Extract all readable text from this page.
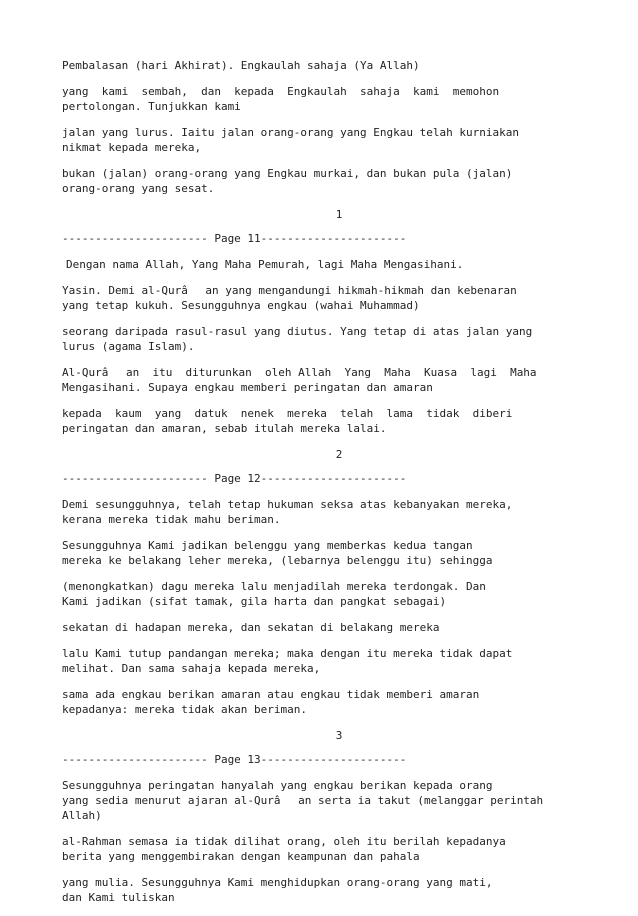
Pembalasan (hari Akhirat). Engkaulah sahaja (Ya Allah)
yang  kami  sembah,  dan  kepada  Engkaulah  sahaja  kami  memohon
pertolongan. Tunjukkan kami
jalan yang lurus. Iaitu jalan orang-orang yang Engkau telah kurniakan
nikmat kepada mereka,
bukan (jalan) orang-orang yang Engkau murkai, dan bukan pula (jalan)
orang-orang yang sesat.
1
---------------------- Page 11----------------------
Dengan nama Allah, Yang Maha Pemurah, lagi Maha Mengasihani.
Yasin. Demi al-Qurâan yang mengandungi hikmah-hikmah dan kebenaran
yang tetap kukuh. Sesungguhnya engkau (wahai Muhammad)
seorang daripada rasul-rasul yang diutus. Yang tetap di atas jalan yang
lurus (agama Islam).
Al-Qurâan  itu  diturunkan  oleh Allah  Yang  Maha  Kuasa  lagi  Maha
Mengasihani. Supaya engkau memberi peringatan dan amaran
kepada  kaum  yang  datuk  nenek  mereka  telah  lama  tidak  diberi
peringatan dan amaran, sebab itulah mereka lalai.
2
---------------------- Page 12----------------------
Demi sesungguhnya, telah tetap hukuman seksa atas kebanyakan mereka,
kerana mereka tidak mahu beriman.
Sesungguhnya Kami jadikan belenggu yang memberkas kedua tangan
mereka ke belakang leher mereka, (lebarnya belenggu itu) sehingga
(menongkatkan) dagu mereka lalu menjadilah mereka terdongak. Dan
Kami jadikan (sifat tamak, gila harta dan pangkat sebagai)
sekatan di hadapan mereka, dan sekatan di belakang mereka
lalu Kami tutup pandangan mereka; maka dengan itu mereka tidak dapat
melihat. Dan sama sahaja kepada mereka,
sama ada engkau berikan amaran atau engkau tidak memberi amaran
kepadanya: mereka tidak akan beriman.
3
---------------------- Page 13----------------------
Sesungguhnya peringatan hanyalah yang engkau berikan kepada orang
yang sedia menurut ajaran al-Qurâan serta ia takut (melanggar perintah
Allah)
al-Rahman semasa ia tidak dilihat orang, oleh itu berilah kepadanya
berita yang menggembirakan dengan keampunan dan pahala
yang mulia. Sesungguhnya Kami menghidupkan orang-orang yang mati,
dan Kami tuliskan
